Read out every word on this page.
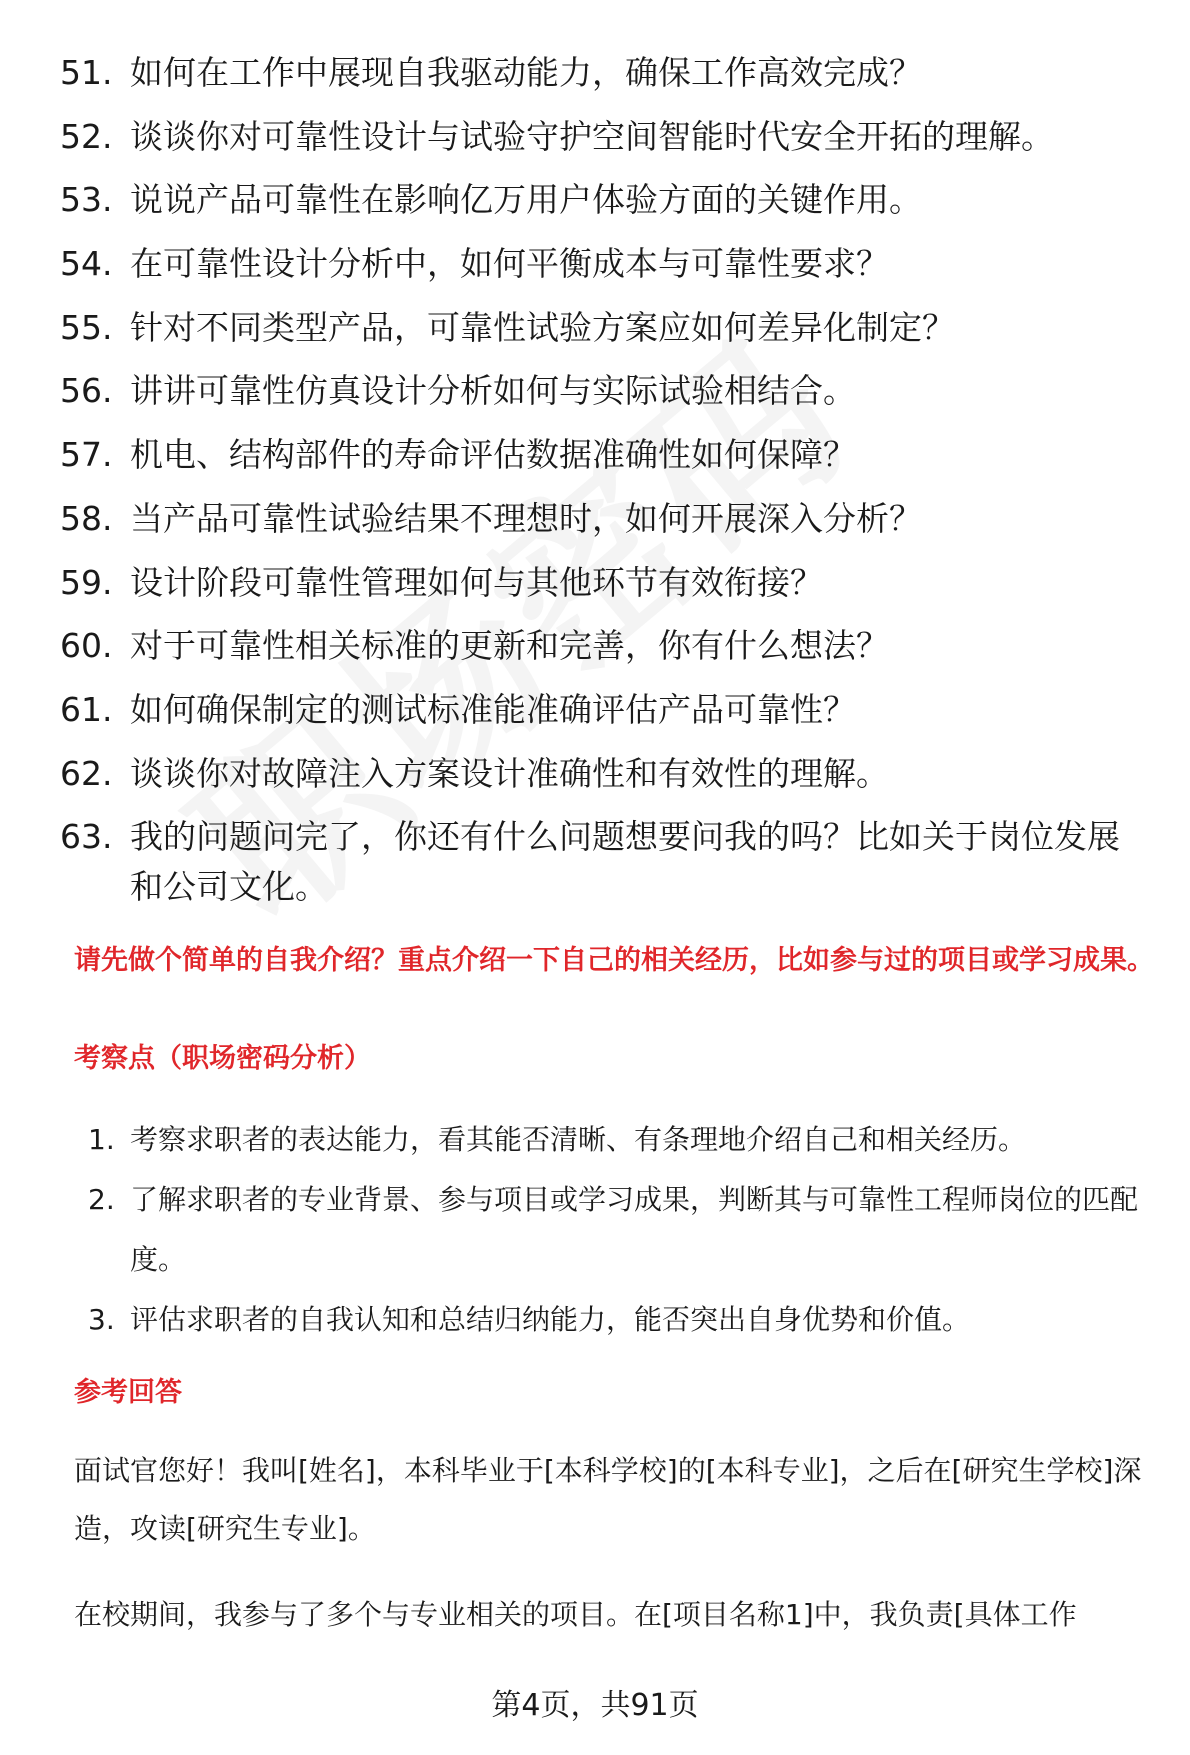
51. 如何在工作中展现自我驱动能力，确保工作高效完成？
52. 谈谈你对可靠性设计与试验守护空间智能时代安全开拓的理解。
53. 说说产品可靠性在影响亿万用户体验方面的关键作用。
54. 在可靠性设计分析中，如何平衡成本与可靠性要求？
55. 针对不同类型产品，可靠性试验方案应如何差异化制定？
56. 讲讲可靠性仿真设计分析如何与实际试验相结合。
57. 机电、结构部件的寿命评估数据准确性如何保障？
58. 当产品可靠性试验结果不理想时，如何开展深入分析？
59. 设计阶段可靠性管理如何与其他环节有效衔接？
60. 对于可靠性相关标准的更新和完善，你有什么想法？
61. 如何确保制定的测试标准能准确评估产品可靠性？
62. 谈谈你对故障注入方案设计准确性和有效性的理解。
63. 我的问题问完了，你还有什么问题想要问我的吗？比如关于岗位发展和公司文化。

请先做个简单的自我介绍？重点介绍一下自己的相关经历，比如参与过的项目或学习成果。

考察点（职场密码分析）

1. 考察求职者的表达能力，看其能否清晰、有条理地介绍自己和相关经历。
2. 了解求职者的专业背景、参与项目或学习成果，判断其与可靠性工程师岗位的匹配度。
3. 评估求职者的自我认知和总结归纳能力，能否突出自身优势和价值。

参考回答

面试官您好！我叫[姓名]，本科毕业于[本科学校]的[本科专业]，之后在[研究生学校]深造，攻读[研究生专业]。

在校期间，我参与了多个与专业相关的项目。在[项目名称1]中，我负责[具体工作

第4页，共91页
